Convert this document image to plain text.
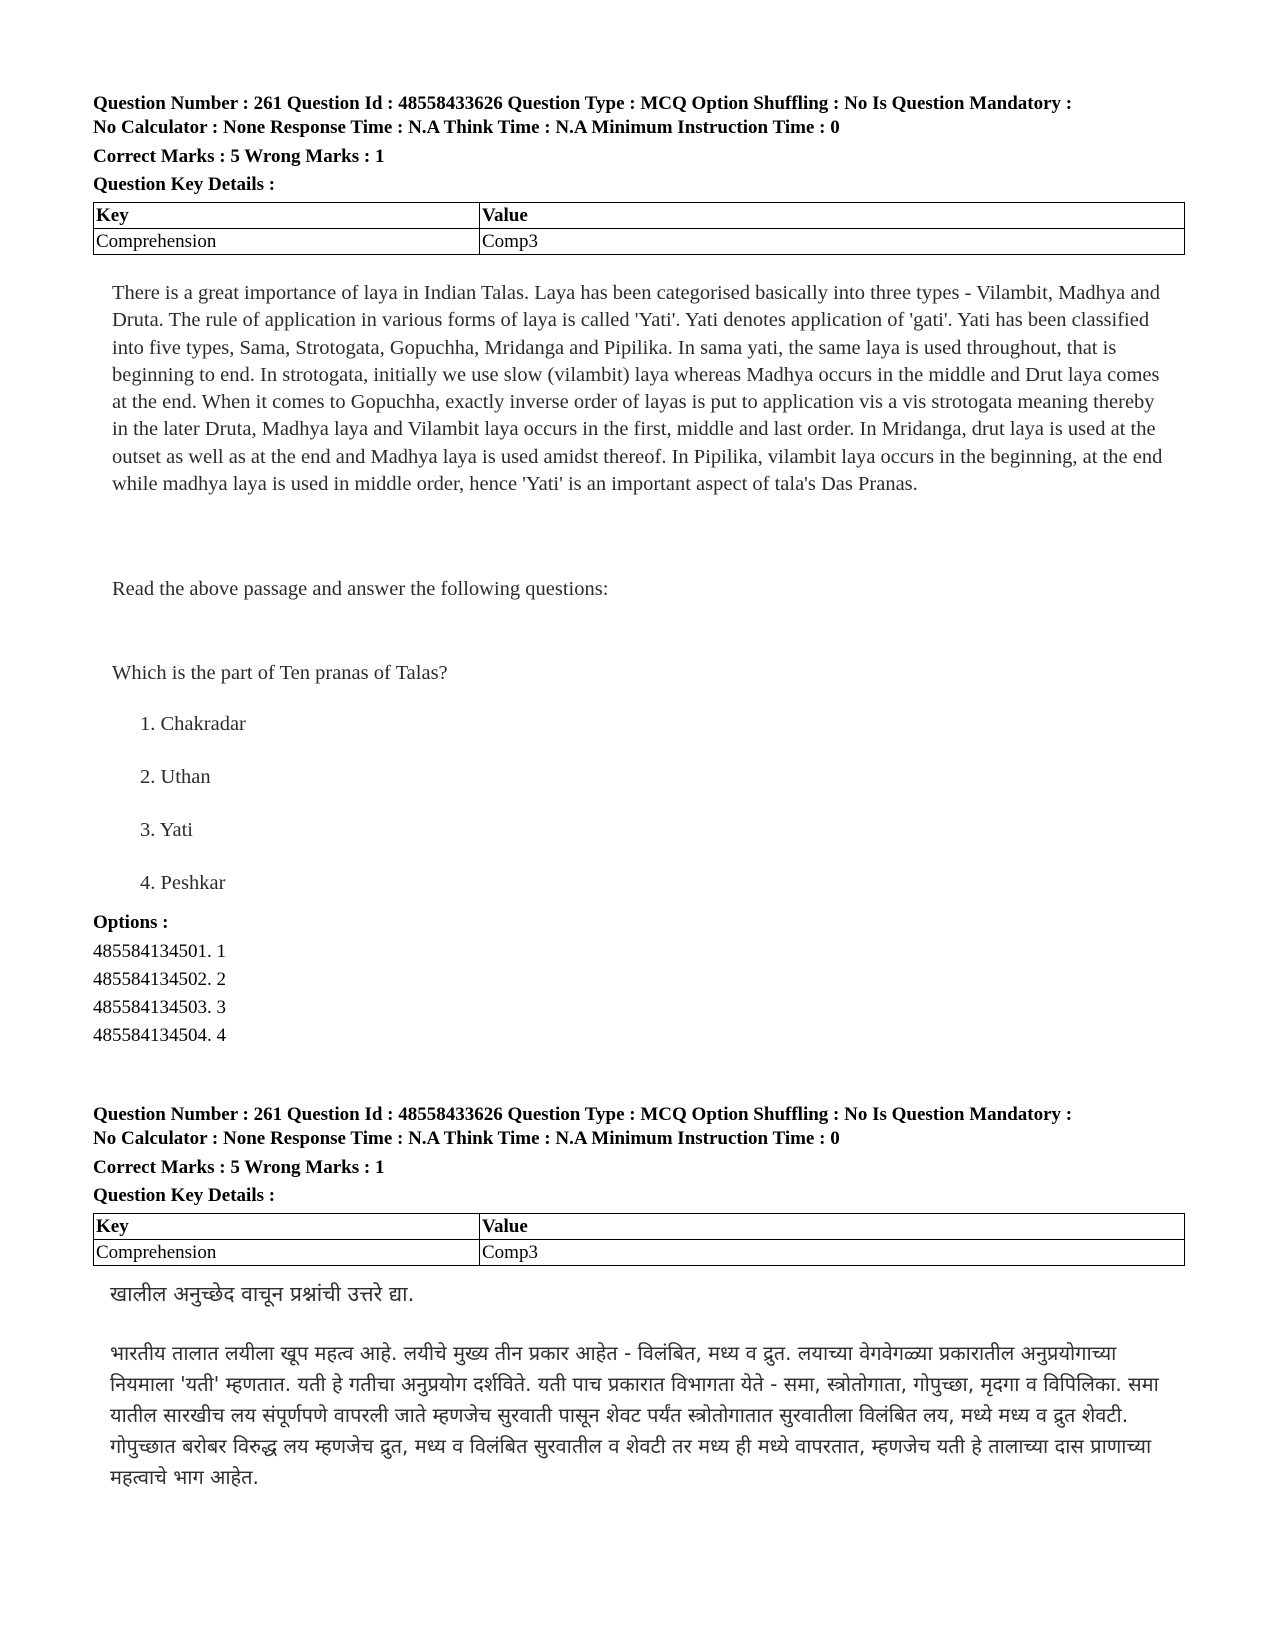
Question Number : 261 Question Id : 48558433626 Question Type : MCQ Option Shuffling : No Is Question Mandatory :
No Calculator : None Response Time : N.A Think Time : N.A Minimum Instruction Time : 0
Correct Marks : 5 Wrong Marks : 1
Question Key Details :
Key	Value
Comprehension	Comp3
There is a great importance of laya in Indian Talas. Laya has been categorised basically into three types - Vilambit, Madhya and Druta. The rule of application in various forms of laya is called 'Yati'. Yati denotes application of 'gati'. Yati has been classified into five types, Sama, Strotogata, Gopuchha, Mridanga and Pipilika. In sama yati, the same laya is used throughout, that is beginning to end. In strotogata, initially we use slow (vilambit) laya whereas Madhya occurs in the middle and Drut laya comes at the end. When it comes to Gopuchha, exactly inverse order of layas is put to application vis a vis strotogata meaning thereby in the later Druta, Madhya laya and Vilambit laya occurs in the first, middle and last order. In Mridanga, drut laya is used at the outset as well as at the end and Madhya laya is used amidst thereof. In Pipilika, vilambit laya occurs in the beginning, at the end while madhya laya is used in middle order, hence 'Yati' is an important aspect of tala's Das Pranas.
Read the above passage and answer the following questions:
Which is the part of Ten pranas of Talas?
1. Chakradar
2. Uthan
3. Yati
4. Peshkar
Options :
485584134501. 1
485584134502. 2
485584134503. 3
485584134504. 4
Question Number : 261 Question Id : 48558433626 Question Type : MCQ Option Shuffling : No Is Question Mandatory :
No Calculator : None Response Time : N.A Think Time : N.A Minimum Instruction Time : 0
Correct Marks : 5 Wrong Marks : 1
Question Key Details :
Key	Value
Comprehension	Comp3
खालील अनुच्छेद वाचून प्रश्नांची उत्तरे द्या.
भारतीय तालात लयीला खूप महत्व आहे. लयीचे मुख्य तीन प्रकार आहेत - विलंबित, मध्य व द्रुत. लयाच्या वेगवेगळ्या प्रकारातील अनुप्रयोगाच्या नियमाला 'यती' म्हणतात. यती हे गतीचा अनुप्रयोग दर्शविते. यती पाच प्रकारात विभागता येते - समा, स्त्रोतोगाता, गोपुच्छा, मृदगा व विपिलिका. समा यातील सारखीच लय संपूर्णपणे वापरली जाते म्हणजेच सुरवाती पासून शेवट पर्यंत स्त्रोतोगातात सुरवातीला विलंबित लय, मध्ये मध्य व द्रुत शेवटी. गोपुच्छात बरोबर विरुद्ध लय म्हणजेच द्रुत, मध्य व विलंबित सुरवातील व शेवटी तर मध्य ही मध्ये वापरतात, म्हणजेच यती हे तालाच्या दास प्राणाच्या महत्वाचे भाग आहेत.
